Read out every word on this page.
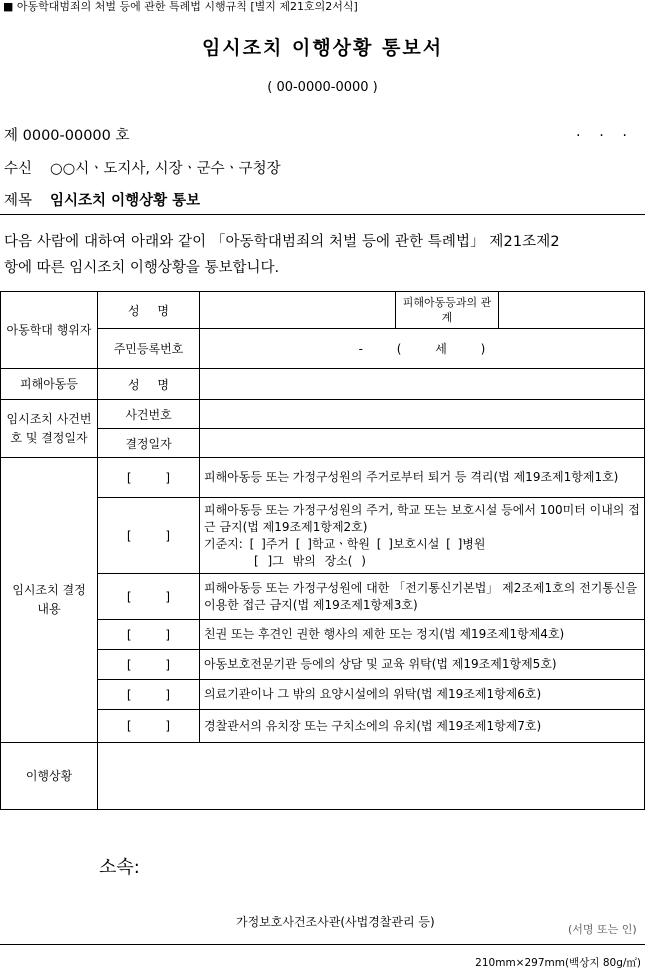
■ 아동학대범죄의 처벌 등에 관한 특례법 시행규칙 [별지 제21호의2서식]
임시조치 이행상황 통보서
( 00-0000-0000 )
제 0000-00000 호	. . .
수신 ○○시ㆍ도지사, 시장ㆍ군수ㆍ구청장
제목 임시조치 이행상황 통보
다음 사람에 대하여 아래와 같이 「아동학대범죄의 처벌 등에 관한 특례법」 제21조제2
항에 따른 임시조치 이행상황을 통보합니다.
아동학대 행위자	성 명		피해아동등과의 관계	
	주민등록번호	- ( 세 )		
피해아동등	성 명			
임시조치 사건번호 및 결정일자	사건번호			
	결정일자			
임시조치 결정 내용	[ ]	피해아동등 또는 가정구성원의 주거로부터 퇴거 등 격리(법 제19조제1항제1호)		
	[ ]	피해아동등 또는 가정구성원의 주거, 학교 또는 보호시설 등에서 100미터 이내의 접근 금지(법 제19조제1항제2호)
기준지: [ ]주거 [ ]학교ㆍ학원 [ ]보호시설 [ ]병원
[ ]그 밖의 장소( )		

	[ ]	피해아동등 또는 가정구성원에 대한 「전기통신기본법」 제2조제1호의 전기통신을 이용한 접근 금지(법 제19조제1항제3호)		
	[ ]	친권 또는 후견인 권한 행사의 제한 또는 정지(법 제19조제1항제4호)		
	[ ]	아동보호전문기관 등에의 상담 및 교육 위탁(법 제19조제1항제5호)		
	[ ]	의료기관이나 그 밖의 요양시설에의 위탁(법 제19조제1항제6호)		
	[ ]	경찰관서의 유치장 또는 구치소에의 유치(법 제19조제1항제7호)		
이행상황				
소속:
가정보호사건조사관(사법경찰관리 등)
(서명 또는 인)
210mm×297mm(백상지 80g/㎡)
